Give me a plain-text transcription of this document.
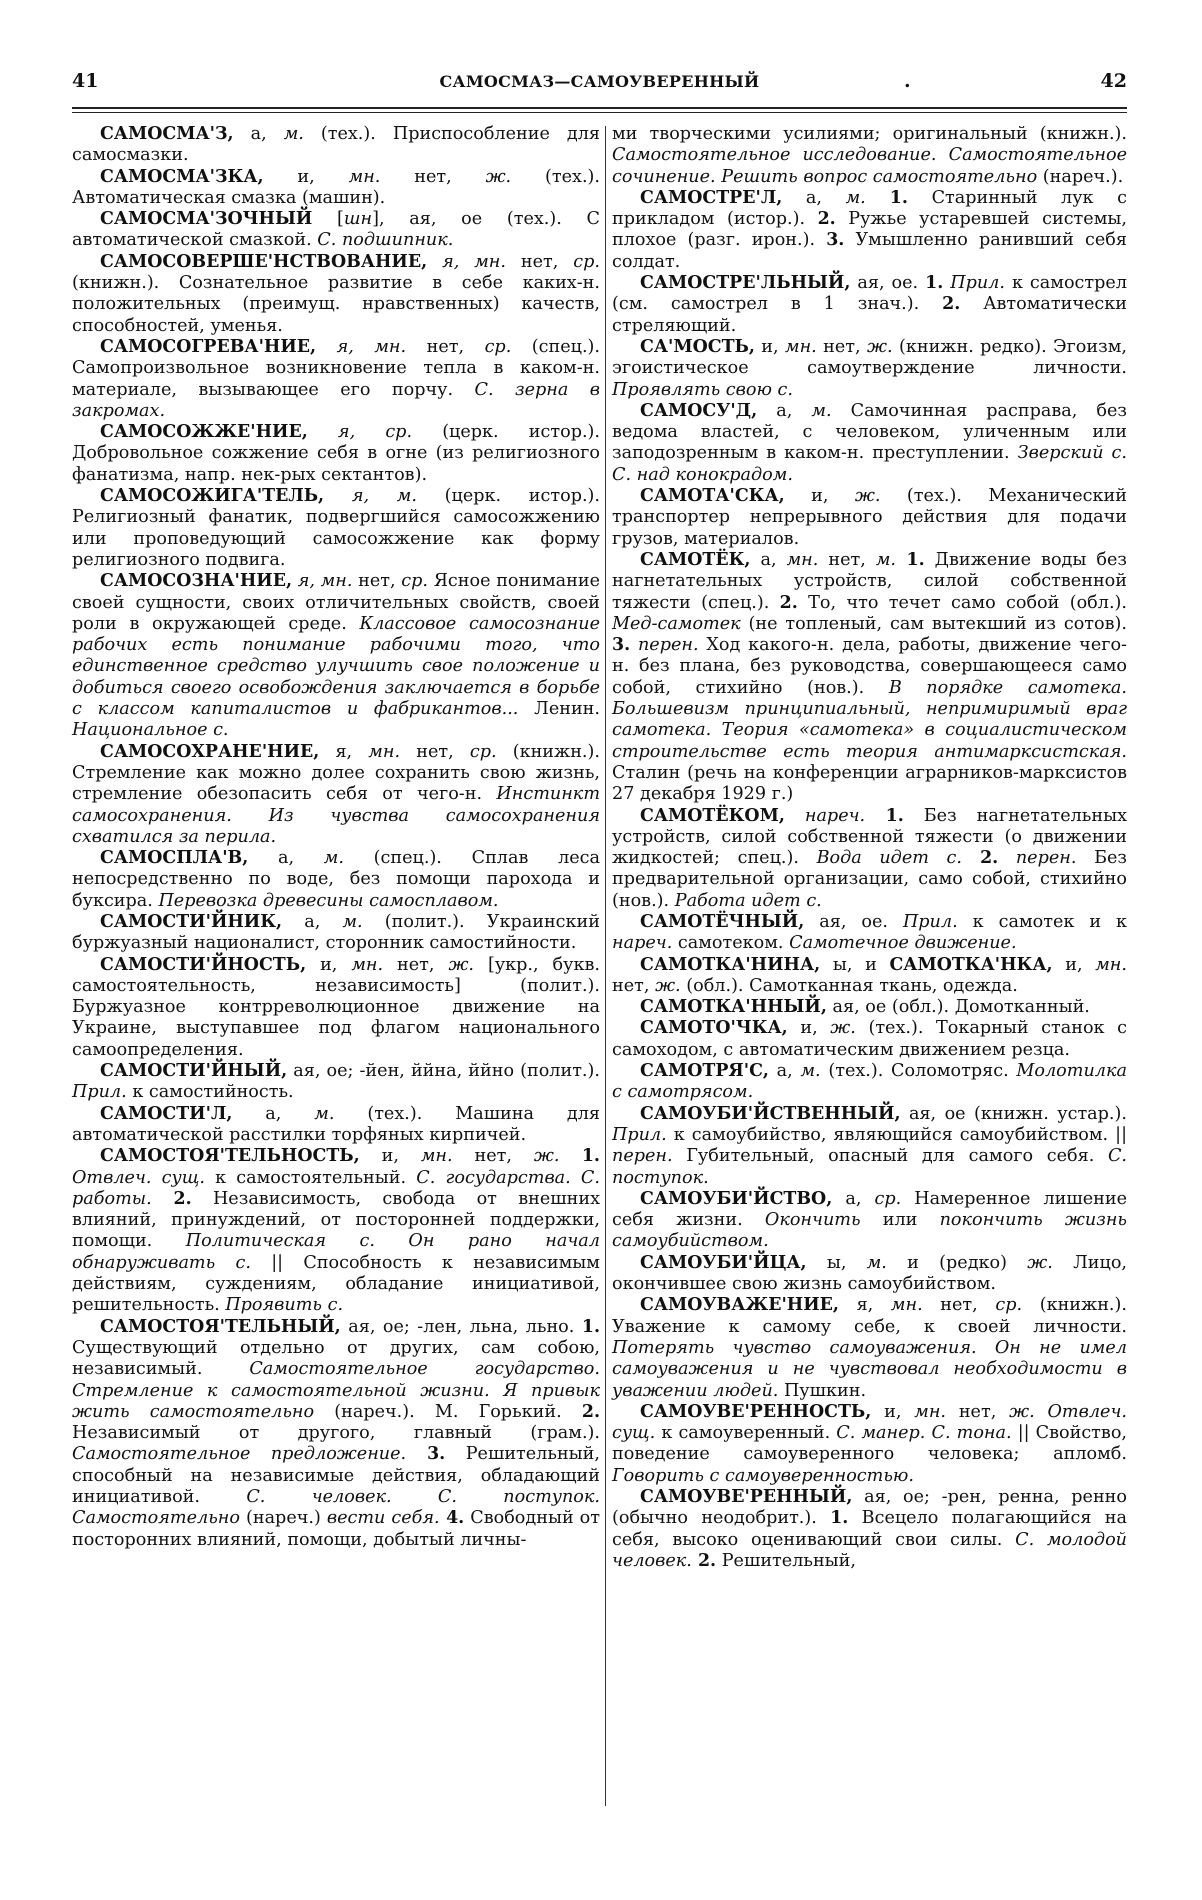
41	САМОСМАЗ—САМОУВЕРЕННЫЙ	.	42

САМОСМА'З, а, м. (тех.). Приспособление для самосмазки.

САМОСМА'ЗКА, и, мн. нет, ж. (тех.). Автоматическая смазка (машин).

САМОСМА'ЗОЧНЫЙ [шн], ая, ое (тех.). С автоматической смазкой. С. подшипник.

САМОСОВЕРШЕ'НСТВОВАНИЕ, я, мн. нет, ср. (книжн.). Сознательное развитие в себе каких-н. положительных (преимущ. нравственных) качеств, способностей, уменья.

САМОСОГРЕВА'НИЕ, я, мн. нет, ср. (спец.). Самопроизвольное возникновение тепла в каком-н. материале, вызывающее его порчу. С. зерна в закромах.

САМОСОЖЖЕ'НИЕ, я, ср. (церк. истор.). Добровольное сожжение себя в огне (из религиозного фанатизма, напр. нек-рых сектантов).

САМОСОЖИГА'ТЕЛЬ, я, м. (церк. истор.). Религиозный фанатик, подвергшийся самосожжению или проповедующий самосожжение как форму религиозного подвига.

САМОСОЗНА'НИЕ, я, мн. нет, ср. Ясное понимание своей сущности, своих отличительных свойств, своей роли в окружающей среде. Классовое самосознание рабочих есть понимание рабочими того, что единственное средство улучшить свое положение и добиться своего освобождения заключается в борьбе с классом капиталистов и фабрикантов... Ленин. Национальное с.

САМОСОХРАНЕ'НИЕ, я, мн. нет, ср. (книжн.). Стремление как можно долее сохранить свою жизнь, стремление обезопасить себя от чего-н. Инстинкт самосохранения. Из чувства самосохранения схватился за перила.

САМОСПЛА'В, а, м. (спец.). Сплав леса непосредственно по воде, без помощи парохода и буксира. Перевозка древесины самосплавом.

САМОСТИ'ЙНИК, а, м. (полит.). Украинский буржуазный националист, сторонник самостийности.

САМОСТИ'ЙНОСТЬ, и, мн. нет, ж. [укр., букв. самостоятельность, независимость] (полит.). Буржуазное контрреволюционное движение на Украине, выступавшее под флагом национального самоопределения.

САМОСТИ'ЙНЫЙ, ая, ое; -йен, ййна, ййно (полит.). Прил. к самостийность.

САМОСТИ'Л, а, м. (тех.). Машина для автоматической расстилки торфяных кирпичей.

САМОСТОЯ'ТЕЛЬНОСТЬ, и, мн. нет, ж. 1. Отвлеч. сущ. к самостоятельный. С. государства. С. работы. 2. Независимость, свобода от внешних влияний, принуждений, от посторонней поддержки, помощи. Политическая с. Он рано начал обнаруживать с. || Способность к независимым действиям, суждениям, обладание инициативой, решительность. Проявить с.

САМОСТОЯ'ТЕЛЬНЫЙ, ая, ое; -лен, льна, льно. 1. Существующий отдельно от других, сам собою, независимый. Самостоятельное государство. Стремление к самостоятельной жизни. Я привык жить самостоятельно (нареч.). М. Горький. 2. Независимый от другого, главный (грам.). Самостоятельное предложение. 3. Решительный, способный на независимые действия, обладающий инициативой. С. человек. С. поступок. Самостоятельно (нареч.) вести себя. 4. Свободный от посторонних влияний, помощи, добытый личны-

ми творческими усилиями; оригинальный (книжн.). Самостоятельное исследование. Самостоятельное сочинение. Решить вопрос самостоятельно (нареч.).

САМОСТРЕ'Л, а, м. 1. Старинный лук с прикладом (истор.). 2. Ружье устаревшей системы, плохое (разг. ирон.). 3. Умышленно ранивший себя солдат.

САМОСТРЕ'ЛЬНЫЙ, ая, ое. 1. Прил. к самострел (см. самострел в 1 знач.). 2. Автоматически стреляющий.

СА'МОСТЬ, и, мн. нет, ж. (книжн. редко). Эгоизм, эгоистическое самоутверждение личности. Проявлять свою с.

САМОСУ'Д, а, м. Самочинная расправа, без ведома властей, с человеком, уличенным или заподозренным в каком-н. преступлении. Зверский с. С. над конокрадом.

САМОТА'СКА, и, ж. (тех.). Механический транспортер непрерывного действия для подачи грузов, материалов.

САМОТЁК, а, мн. нет, м. 1. Движение воды без нагнетательных устройств, силой собственной тяжести (спец.). 2. То, что течет само собой (обл.). Мед-самотек (не топленый, сам вытекший из сотов). 3. перен. Ход какого-н. дела, работы, движение чего-н. без плана, без руководства, совершающееся само собой, стихийно (нов.). В порядке самотека. Большевизм принципиальный, непримиримый враг самотека. Теория «самотека» в социалистическом строительстве есть теория антимарксистская. Сталин (речь на конференции аграрников-марксистов 27 декабря 1929 г.)

САМОТЁКОМ, нареч. 1. Без нагнетательных устройств, силой собственной тяжести (о движении жидкостей; спец.). Вода идет с. 2. перен. Без предварительной организации, само собой, стихийно (нов.). Работа идет с.

САМОТЁЧНЫЙ, ая, ое. Прил. к самотек и к нареч. самотеком. Самотечное движение.

САМОТКА'НИНА, ы, и САМОТКА'НКА, и, мн. нет, ж. (обл.). Самотканная ткань, одежда.

САМОТКА'ННЫЙ, ая, ое (обл.). Домотканный.

САМОТО'ЧКА, и, ж. (тех.). Токарный станок с самоходом, с автоматическим движением резца.

САМОТРЯ'С, а, м. (тех.). Соломотряс. Молотилка с самотрясом.

САМОУБИ'ЙСТВЕННЫЙ, ая, ое (книжн. устар.). Прил. к самоубийство, являющийся самоубийством. || перен. Губительный, опасный для самого себя. С. поступок.

САМОУБИ'ЙСТВО, а, ср. Намеренное лишение себя жизни. Окончить или покончить жизнь самоубийством.

САМОУБИ'ЙЦА, ы, м. и (редко) ж. Лицо, окончившее свою жизнь самоубийством.

САМОУВАЖЕ'НИЕ, я, мн. нет, ср. (книжн.). Уважение к самому себе, к своей личности. Потерять чувство самоуважения. Он не имел самоуважения и не чувствовал необходимости в уважении людей. Пушкин.

САМОУВЕ'РЕННОСТЬ, и, мн. нет, ж. Отвлеч. сущ. к самоуверенный. С. манер. С. тона. || Свойство, поведение самоуверенного человека; апломб. Говорить с самоуверенностью.

САМОУВЕ'РЕННЫЙ, ая, ое; -рен, ренна, ренно (обычно неодобрит.). 1. Всецело полагающийся на себя, высоко оценивающий свои силы. С. молодой человек. 2. Решительный,
